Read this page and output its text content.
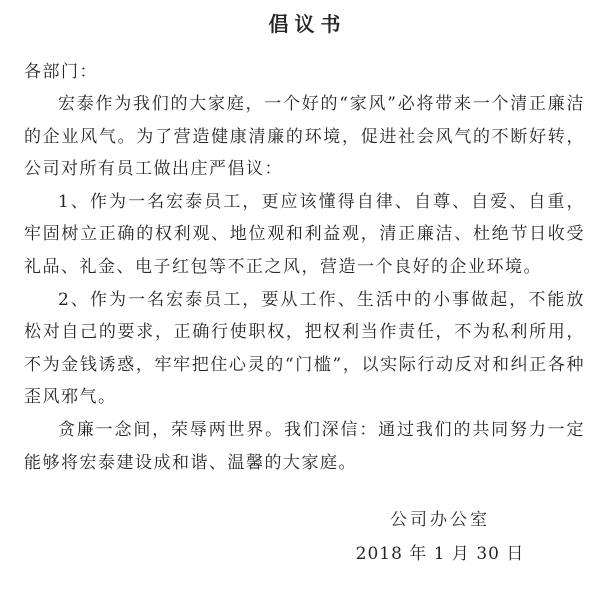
倡议书

各部门：

宏泰作为我们的大家庭，一个好的“家风”必将带来一个清正廉洁的企业风气。为了营造健康清廉的环境，促进社会风气的不断好转，公司对所有员工做出庄严倡议：

1、作为一名宏泰员工，更应该懂得自律、自尊、自爱、自重，牢固树立正确的权利观、地位观和利益观，清正廉洁、杜绝节日收受礼品、礼金、电子红包等不正之风，营造一个良好的企业环境。

2、作为一名宏泰员工，要从工作、生活中的小事做起，不能放松对自己的要求，正确行使职权，把权利当作责任，不为私利所用，不为金钱诱惑，牢牢把住心灵的“门槛”，以实际行动反对和纠正各种歪风邪气。

贪廉一念间，荣辱两世界。我们深信：通过我们的共同努力一定能够将宏泰建设成和谐、温馨的大家庭。

公司办公室

2018 年 1 月 30 日
